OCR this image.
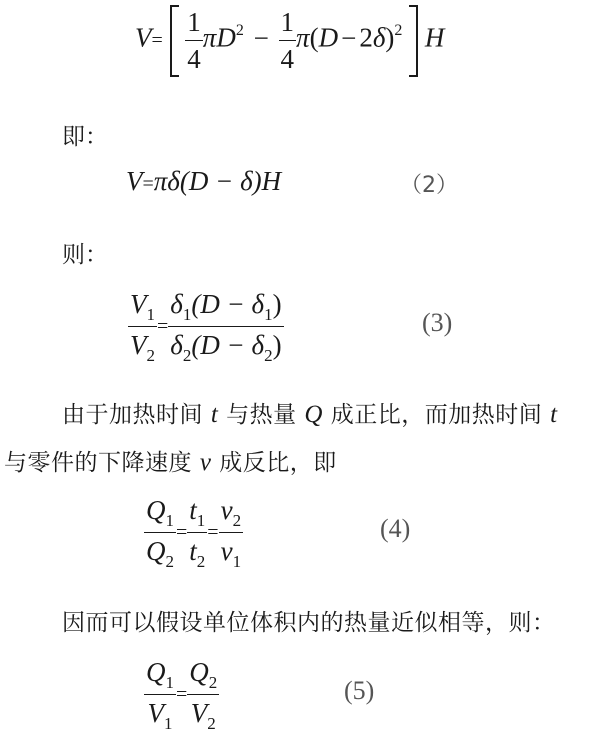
$V= \frac{1}{4} \pi D^2 - \frac{1}{4} \pi(D - 2\delta)^2$ H
即：
V=πδ(D − δ)H	（2）
则：
$\frac{V_1}{V_2} = \frac{\delta_1(D - \delta_1)}{\delta_2(D - \delta_2)}$	(3)
由于加热时间 t 与热量 Q 成正比，而加热时间 t
与零件的下降速度 v 成反比，即
$\frac{Q_1}{Q_2} = \frac{t_1}{t_2} = \frac{v_2}{v_1}$	(4)
因而可以假设单位体积内的热量近似相等，则：
$\frac{Q_1}{V_1} = \frac{Q_2}{V_2}$	(5)
